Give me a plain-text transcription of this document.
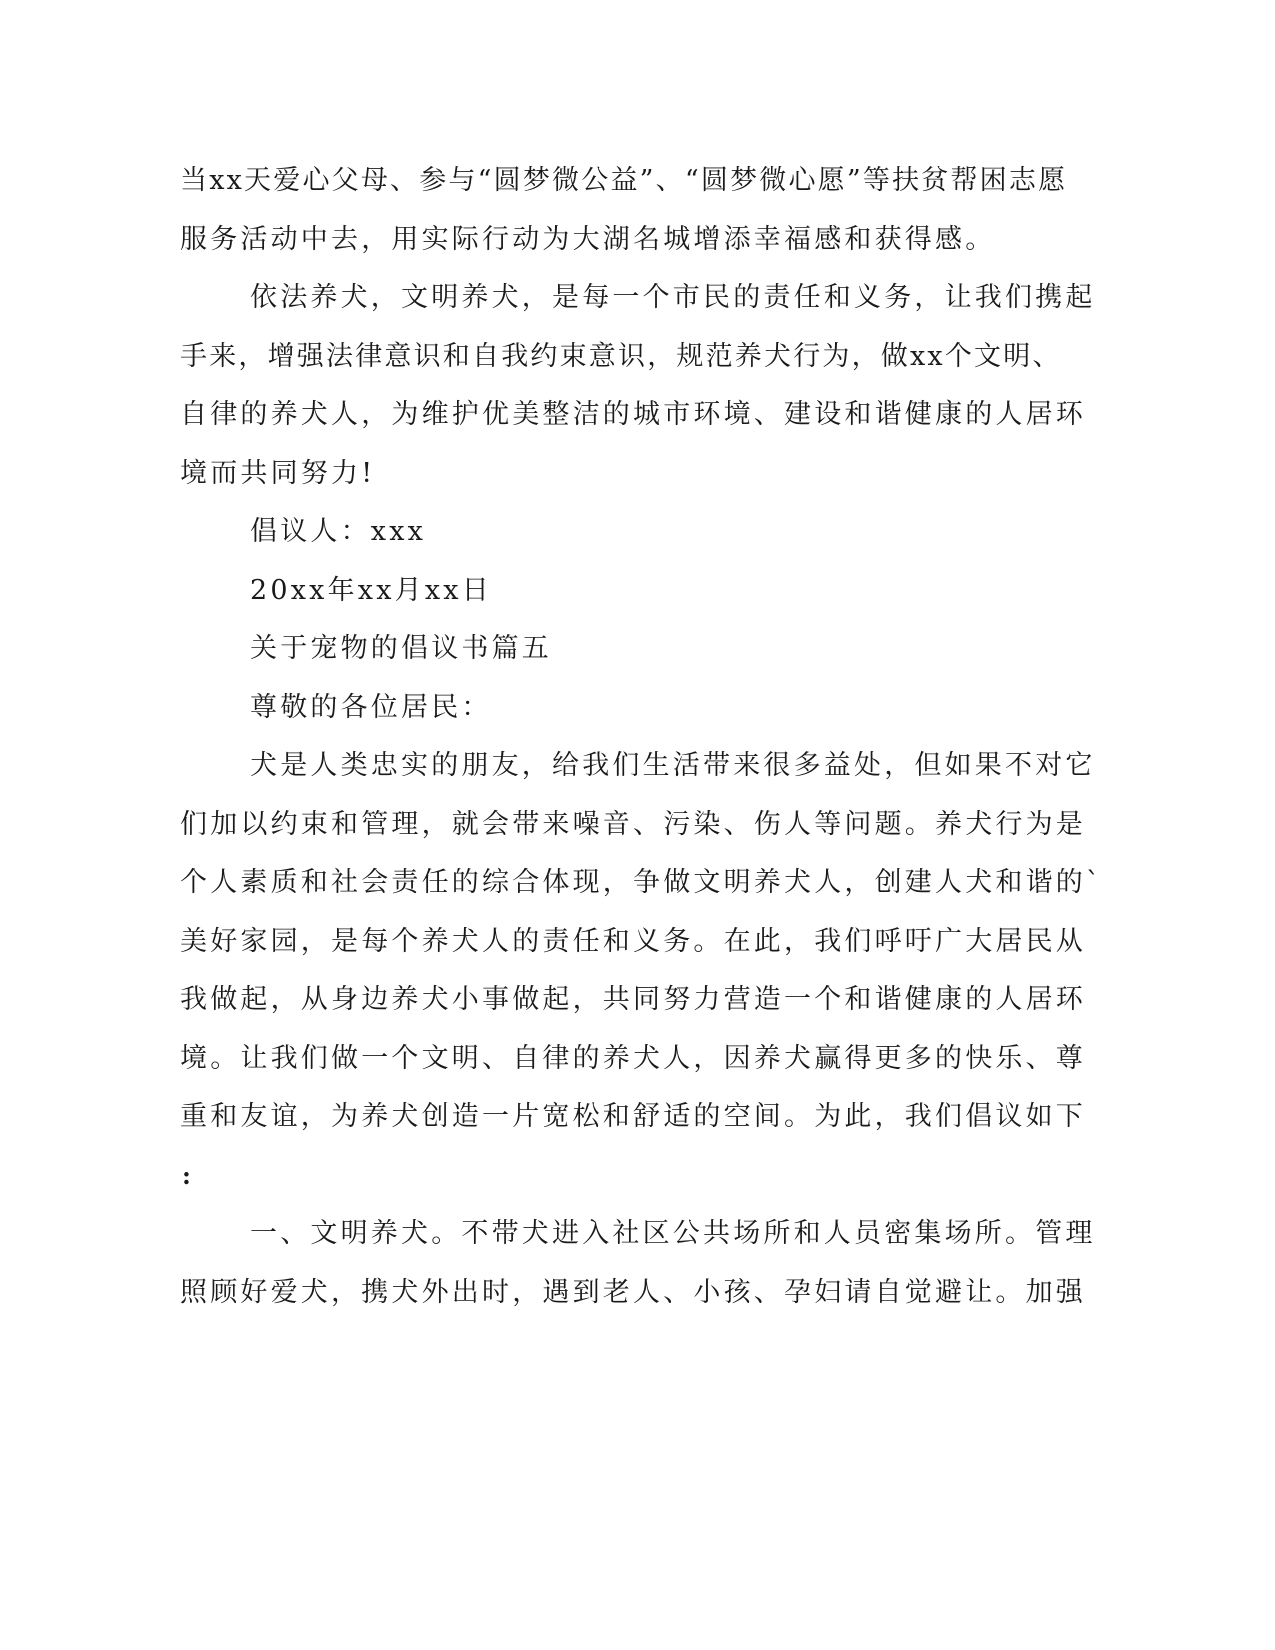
当xx天爱心父母、参与“圆梦微公益”、“圆梦微心愿”等扶贫帮困志愿
服务活动中去，用实际行动为大湖名城增添幸福感和获得感。
依法养犬，文明养犬，是每一个市民的责任和义务，让我们携起
手来，增强法律意识和自我约束意识，规范养犬行为，做xx个文明、
自律的养犬人，为维护优美整洁的城市环境、建设和谐健康的人居环
境而共同努力!
倡议人：xxx
20xx年xx月xx日
关于宠物的倡议书篇五
尊敬的各位居民：
犬是人类忠实的朋友，给我们生活带来很多益处，但如果不对它
们加以约束和管理，就会带来噪音、污染、伤人等问题。养犬行为是
个人素质和社会责任的综合体现，争做文明养犬人，创建人犬和谐的`
美好家园，是每个养犬人的责任和义务。在此，我们呼吁广大居民从
我做起，从身边养犬小事做起，共同努力营造一个和谐健康的人居环
境。让我们做一个文明、自律的养犬人，因养犬赢得更多的快乐、尊
重和友谊，为养犬创造一片宽松和舒适的空间。为此，我们倡议如下
:
一、文明养犬。不带犬进入社区公共场所和人员密集场所。管理
照顾好爱犬，携犬外出时，遇到老人、小孩、孕妇请自觉避让。加强
